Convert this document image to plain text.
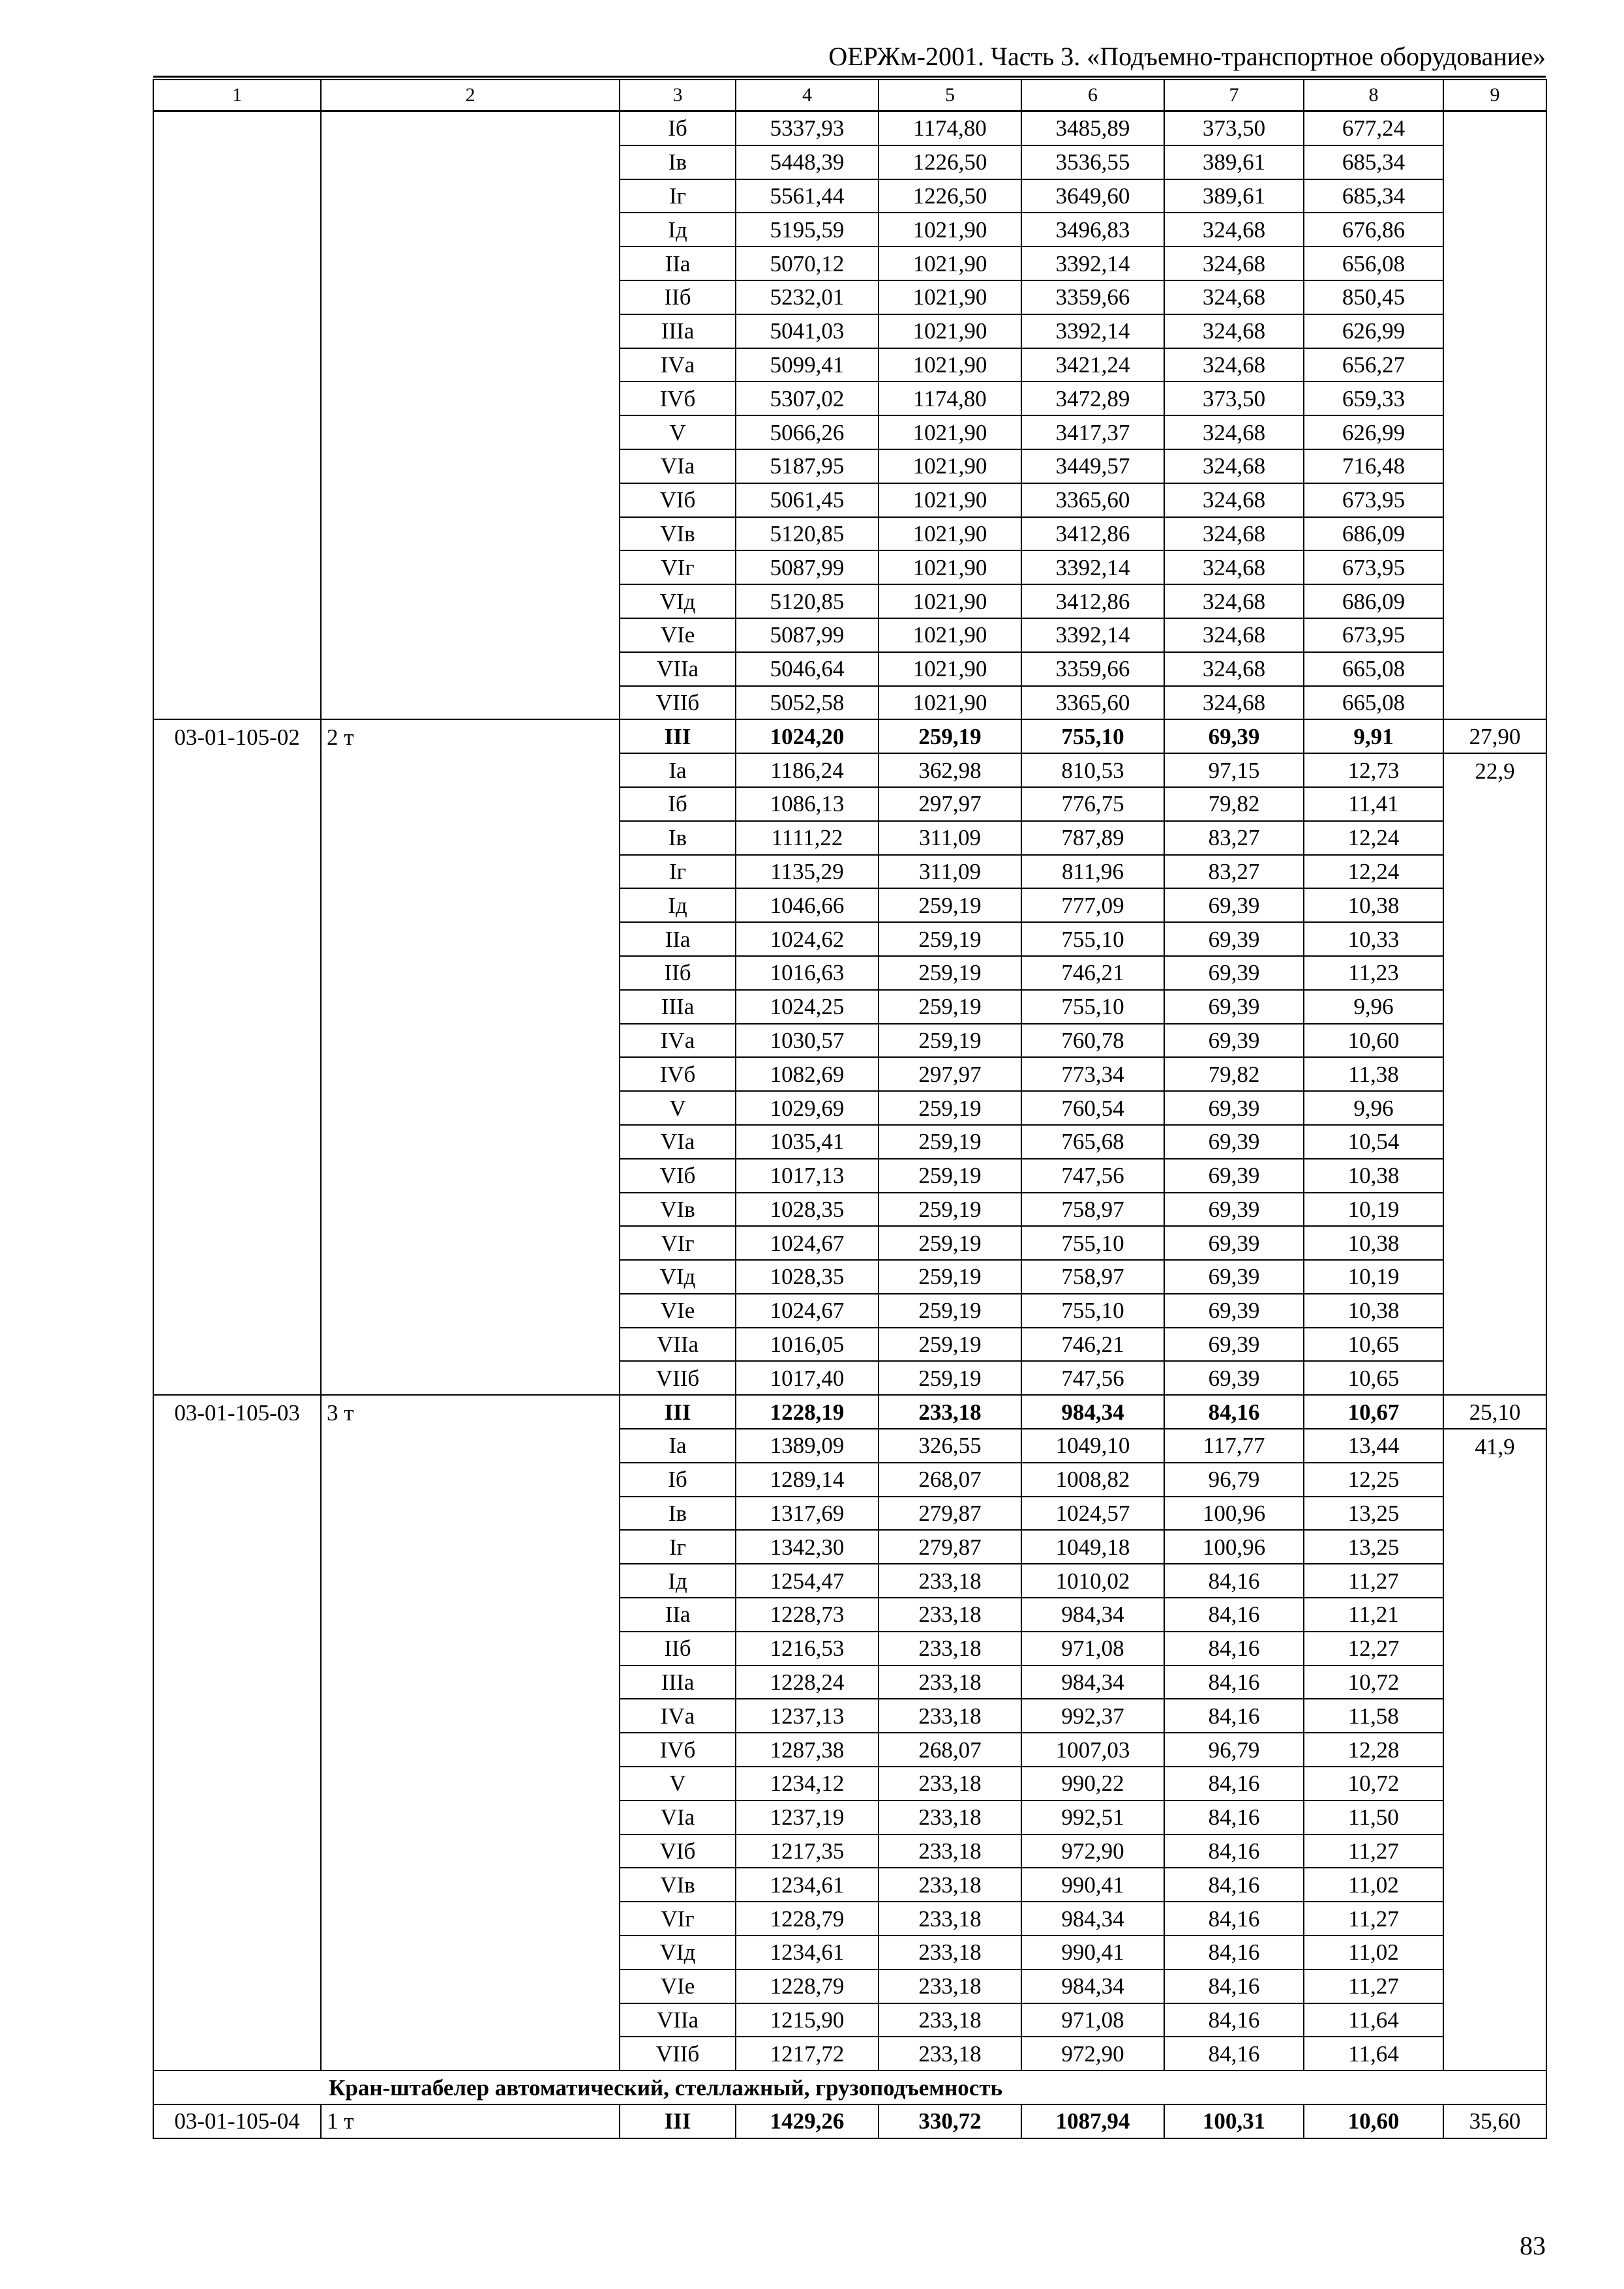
ОЕРЖм-2001. Часть 3. «Подъемно-транспортное оборудование»
1	2	3	4	5	6	7	8	9
		Iб	5337,93	1174,80	3485,89	373,50	677,24	
		Iв	5448,39	1226,50	3536,55	389,61	685,34	
		Iг	5561,44	1226,50	3649,60	389,61	685,34	
		Iд	5195,59	1021,90	3496,83	324,68	676,86	
		IIа	5070,12	1021,90	3392,14	324,68	656,08	
		IIб	5232,01	1021,90	3359,66	324,68	850,45	
		IIIа	5041,03	1021,90	3392,14	324,68	626,99	
		IVа	5099,41	1021,90	3421,24	324,68	656,27	
		IVб	5307,02	1174,80	3472,89	373,50	659,33	
		V	5066,26	1021,90	3417,37	324,68	626,99	
		VIа	5187,95	1021,90	3449,57	324,68	716,48	
		VIб	5061,45	1021,90	3365,60	324,68	673,95	
		VIв	5120,85	1021,90	3412,86	324,68	686,09	
		VIг	5087,99	1021,90	3392,14	324,68	673,95	
		VIд	5120,85	1021,90	3412,86	324,68	686,09	
		VIе	5087,99	1021,90	3392,14	324,68	673,95	
		VIIа	5046,64	1021,90	3359,66	324,68	665,08	
		VIIб	5052,58	1021,90	3365,60	324,68	665,08	
03-01-105-02	2 т	III	1024,20	259,19	755,10	69,39	9,91	27,90
		Iа	1186,24	362,98	810,53	97,15	12,73	22,9
		Iб	1086,13	297,97	776,75	79,82	11,41	
		Iв	1111,22	311,09	787,89	83,27	12,24	
		Iг	1135,29	311,09	811,96	83,27	12,24	
		Iд	1046,66	259,19	777,09	69,39	10,38	
		IIа	1024,62	259,19	755,10	69,39	10,33	
		IIб	1016,63	259,19	746,21	69,39	11,23	
		IIIа	1024,25	259,19	755,10	69,39	9,96	
		IVа	1030,57	259,19	760,78	69,39	10,60	
		IVб	1082,69	297,97	773,34	79,82	11,38	
		V	1029,69	259,19	760,54	69,39	9,96	
		VIа	1035,41	259,19	765,68	69,39	10,54	
		VIб	1017,13	259,19	747,56	69,39	10,38	
		VIв	1028,35	259,19	758,97	69,39	10,19	
		VIг	1024,67	259,19	755,10	69,39	10,38	
		VIд	1028,35	259,19	758,97	69,39	10,19	
		VIе	1024,67	259,19	755,10	69,39	10,38	
		VIIа	1016,05	259,19	746,21	69,39	10,65	
		VIIб	1017,40	259,19	747,56	69,39	10,65	
03-01-105-03	3 т	III	1228,19	233,18	984,34	84,16	10,67	25,10
		Iа	1389,09	326,55	1049,10	117,77	13,44	41,9
		Iб	1289,14	268,07	1008,82	96,79	12,25	
		Iв	1317,69	279,87	1024,57	100,96	13,25	
		Iг	1342,30	279,87	1049,18	100,96	13,25	
		Iд	1254,47	233,18	1010,02	84,16	11,27	
		IIа	1228,73	233,18	984,34	84,16	11,21	
		IIб	1216,53	233,18	971,08	84,16	12,27	
		IIIа	1228,24	233,18	984,34	84,16	10,72	
		IVа	1237,13	233,18	992,37	84,16	11,58	
		IVб	1287,38	268,07	1007,03	96,79	12,28	
		V	1234,12	233,18	990,22	84,16	10,72	
		VIа	1237,19	233,18	992,51	84,16	11,50	
		VIб	1217,35	233,18	972,90	84,16	11,27	
		VIв	1234,61	233,18	990,41	84,16	11,02	
		VIг	1228,79	233,18	984,34	84,16	11,27	
		VIд	1234,61	233,18	990,41	84,16	11,02	
		VIе	1228,79	233,18	984,34	84,16	11,27	
		VIIа	1215,90	233,18	971,08	84,16	11,64	
		VIIб	1217,72	233,18	972,90	84,16	11,64	
Кран-штабелер автоматический, стеллажный, грузоподъемность								
03-01-105-04	1 т	III	1429,26	330,72	1087,94	100,31	10,60	35,60
83
